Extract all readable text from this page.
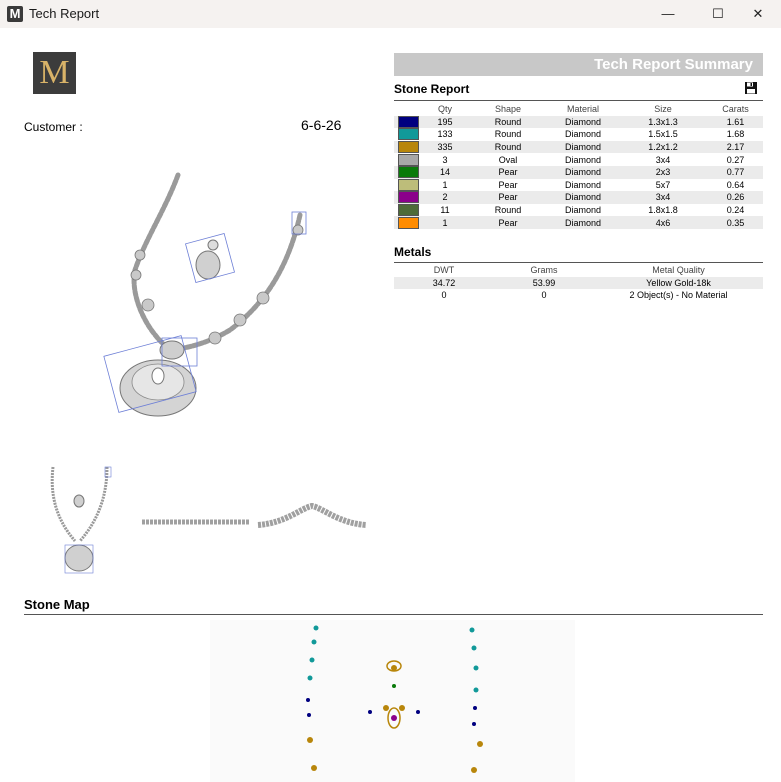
M Tech Report	—	☐	✕
M
Customer :	6-6-26
Stone Map
Tech Report Summary
Stone Report
	Qty	Shape	Material	Size	Carats
	195	Round	Diamond	1.3x1.3	1.61
	133	Round	Diamond	1.5x1.5	1.68
	335	Round	Diamond	1.2x1.2	2.17
	3	Oval	Diamond	3x4	0.27
	14	Pear	Diamond	2x3	0.77
	1	Pear	Diamond	5x7	0.64
	2	Pear	Diamond	3x4	0.26
	11	Round	Diamond	1.8x1.8	0.24
	1	Pear	Diamond	4x6	0.35
Metals
DWT	Grams	Metal Quality
34.72	53.99	Yellow Gold-18k
0	0	2 Object(s) - No Material
